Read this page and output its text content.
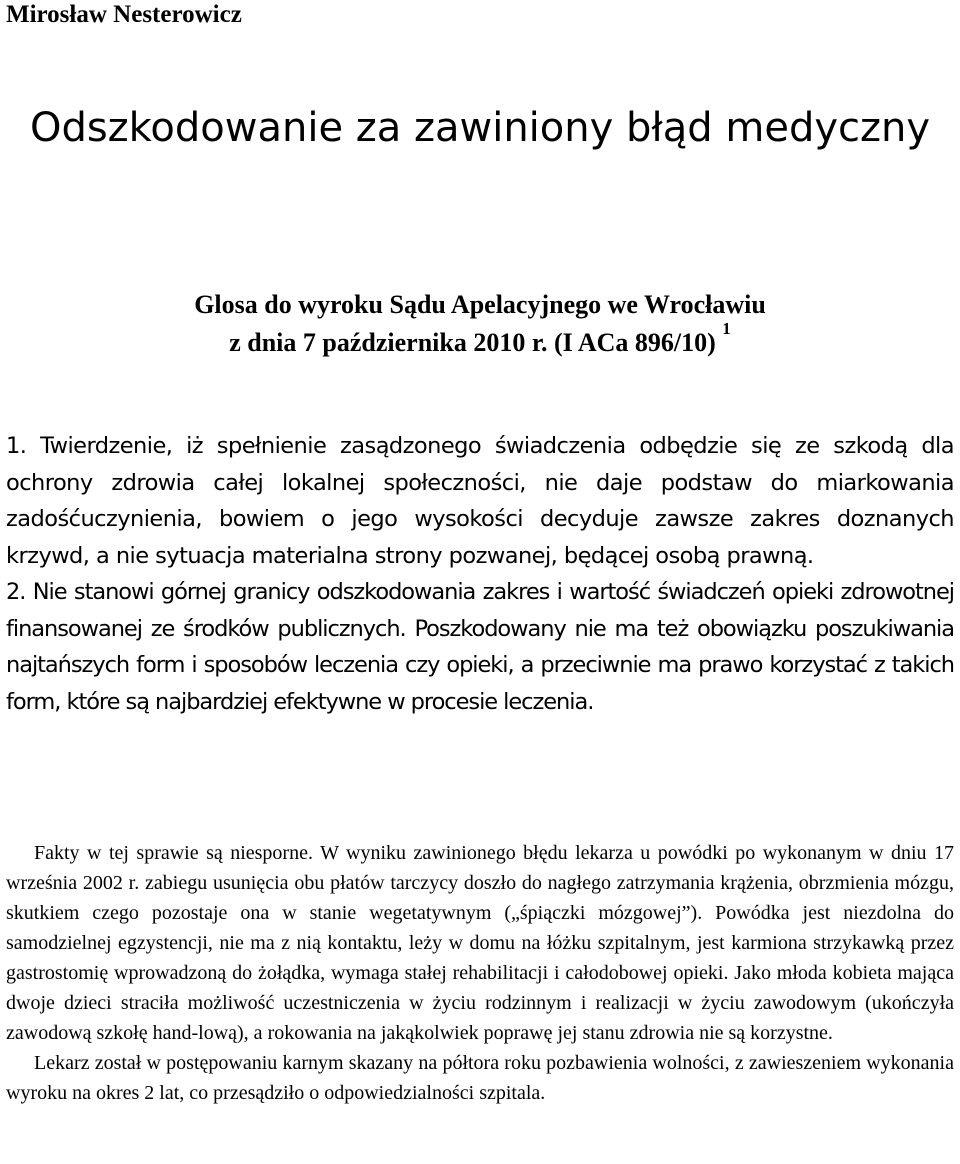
Mirosław Nesterowicz
Odszkodowanie za zawiniony błąd medyczny
Glosa do wyroku Sądu Apelacyjnego we Wrocławiu
z dnia 7 października 2010 r. (I ACa 896/10) $^1$

1. Twierdzenie, iż spełnienie zasądzonego świadczenia odbędzie się ze szkodą dla ochrony zdrowia całej lokalnej społeczności, nie daje podstaw do miarkowania zadośćuczynienia, bowiem o jego wysokości decyduje zawsze zakres doznanych krzywd, a nie sytuacja materialna strony pozwanej, będącej osobą prawną.

2. Nie stanowi górnej granicy odszkodowania zakres i wartość świadczeń opieki zdrowotnej finansowanej ze środków publicznych. Poszkodowany nie ma też obowiązku poszukiwania najtańszych form i sposobów leczenia czy opieki, a przeciwnie ma prawo korzystać z takich form, które są najbardziej efektywne w procesie leczenia.

Fakty w tej sprawie są niesporne. W wyniku zawinionego błędu lekarza u powódki po wykonanym w dniu 17 września 2002 r. zabiegu usunięcia obu płatów tarczycy doszło do nagłego zatrzymania krążenia, obrzmienia mózgu, skutkiem czego pozostaje ona w stanie wegetatywnym („śpiączki mózgowej”). Powódka jest niezdolna do samodzielnej egzystencji, nie ma z nią kontaktu, leży w domu na łóżku szpitalnym, jest karmiona strzykawką przez gastrostomię wprowadzoną do żołądka, wymaga stałej rehabilitacji i całodobowej opieki. Jako młoda kobieta mająca dwoje dzieci straciła możliwość uczestniczenia w życiu rodzinnym i realizacji w życiu zawodowym (ukończyła zawodową szkołę hand-lową), a rokowania na jakąkolwiek poprawę jej stanu zdrowia nie są korzystne.

Lekarz został w postępowaniu karnym skazany na półtora roku pozbawienia wolności, z zawieszeniem wykonania wyroku na okres 2 lat, co przesądziło o odpowiedzialności szpitala.
